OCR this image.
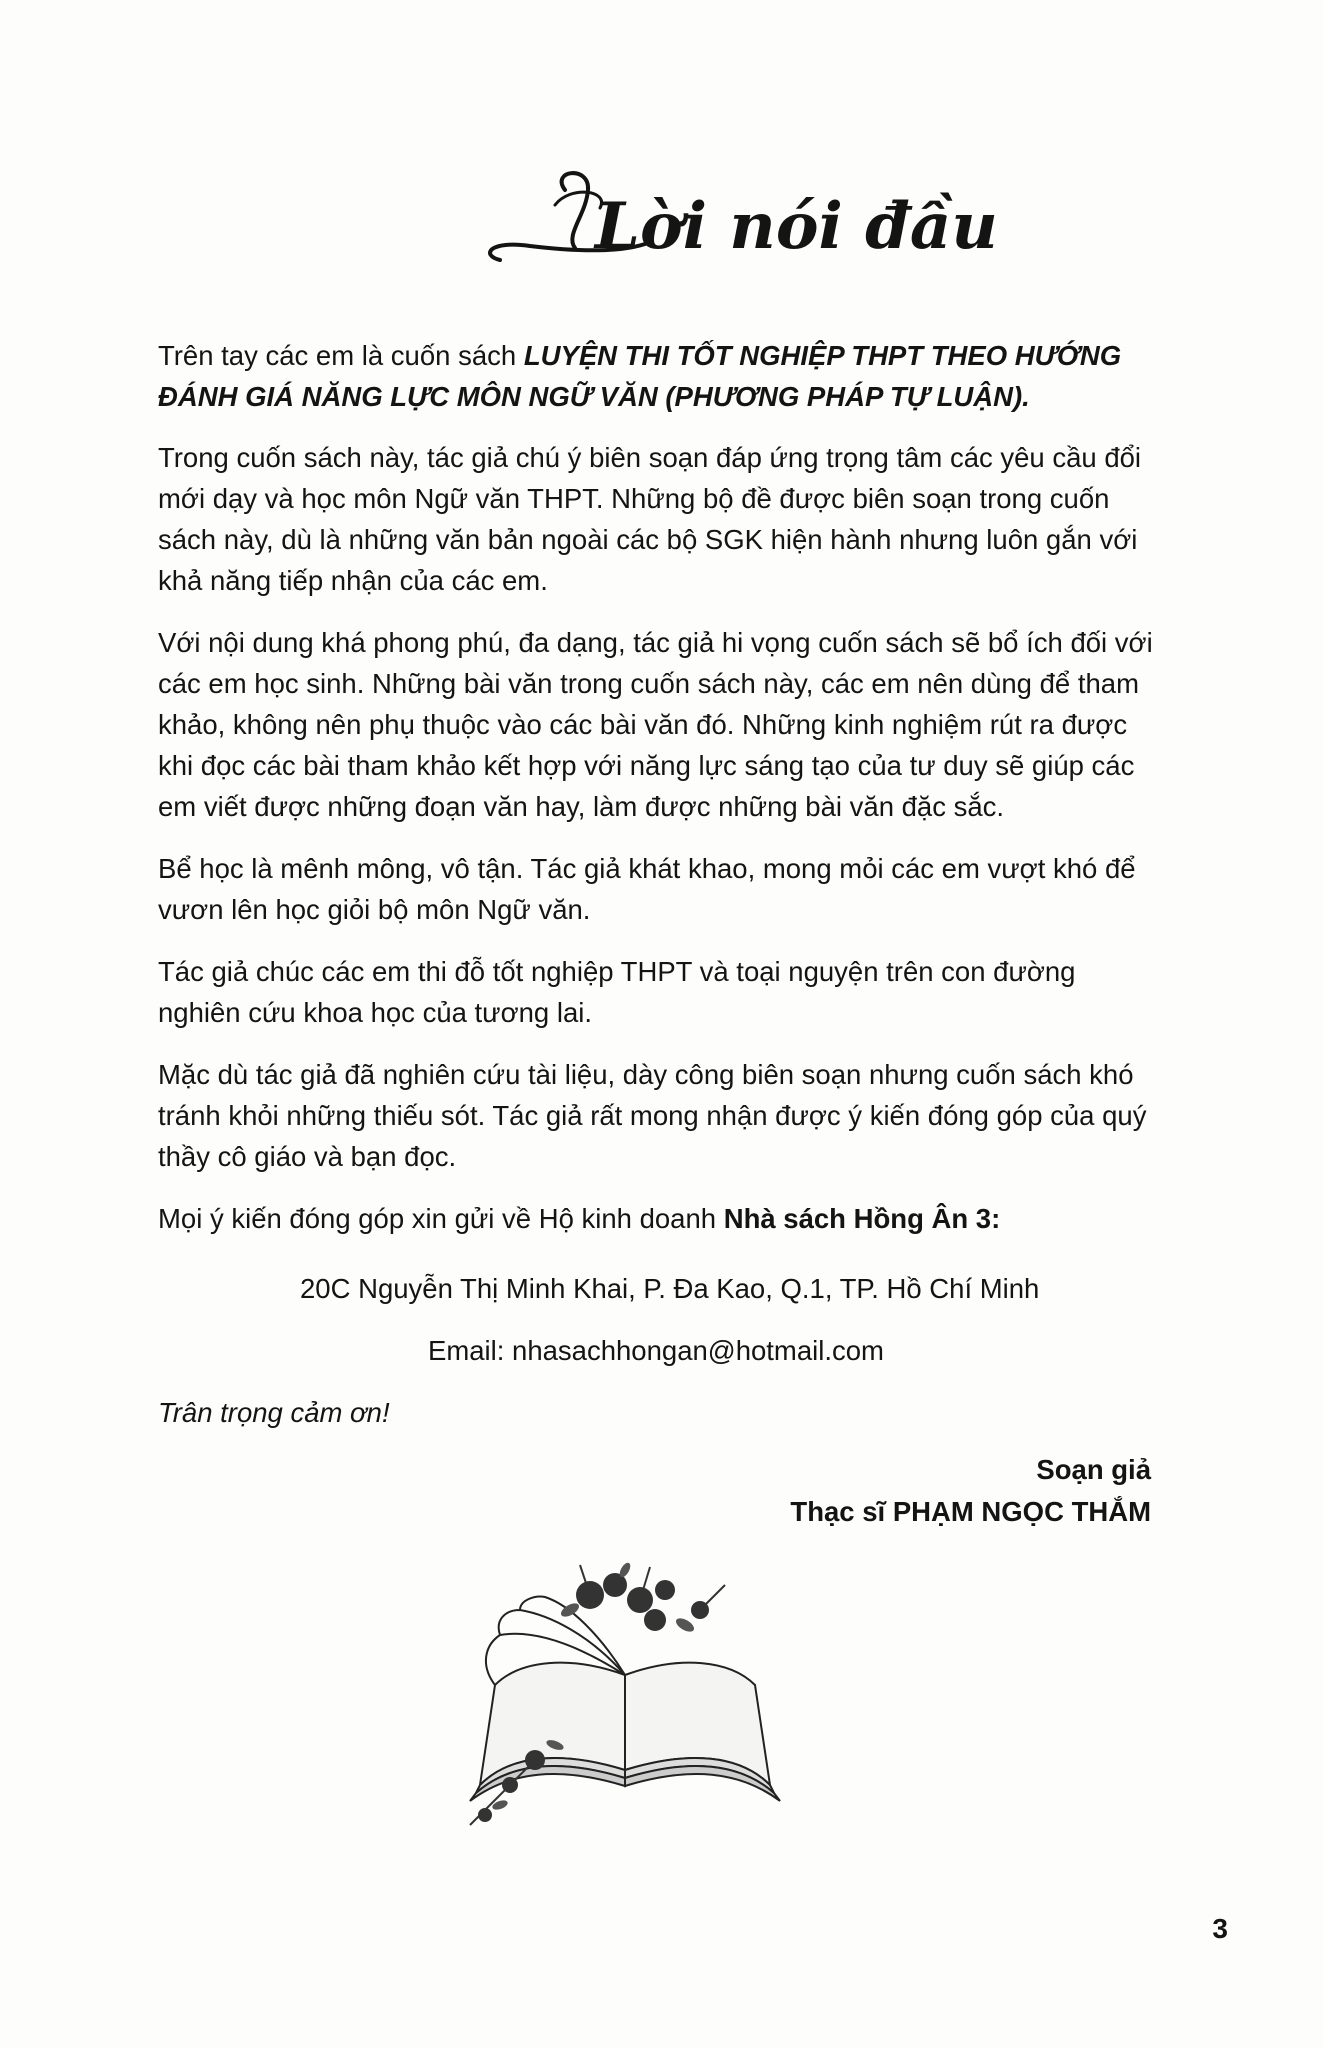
Lời nói đầu

Trên tay các em là cuốn sách LUYỆN THI TỐT NGHIỆP THPT THEO HƯỚNG ĐÁNH GIÁ NĂNG LỰC MÔN NGỮ VĂN (PHƯƠNG PHÁP TỰ LUẬN).

Trong cuốn sách này, tác giả chú ý biên soạn đáp ứng trọng tâm các yêu cầu đổi mới dạy và học môn Ngữ văn THPT. Những bộ đề được biên soạn trong cuốn sách này, dù là những văn bản ngoài các bộ SGK hiện hành nhưng luôn gắn với khả năng tiếp nhận của các em.

Với nội dung khá phong phú, đa dạng, tác giả hi vọng cuốn sách sẽ bổ ích đối với các em học sinh. Những bài văn trong cuốn sách này, các em nên dùng để tham khảo, không nên phụ thuộc vào các bài văn đó. Những kinh nghiệm rút ra được khi đọc các bài tham khảo kết hợp với năng lực sáng tạo của tư duy sẽ giúp các em viết được những đoạn văn hay, làm được những bài văn đặc sắc.

Bể học là mênh mông, vô tận. Tác giả khát khao, mong mỏi các em vượt khó để vươn lên học giỏi bộ môn Ngữ văn.

Tác giả chúc các em thi đỗ tốt nghiệp THPT và toại nguyện trên con đường nghiên cứu khoa học của tương lai.

Mặc dù tác giả đã nghiên cứu tài liệu, dày công biên soạn nhưng cuốn sách khó tránh khỏi những thiếu sót. Tác giả rất mong nhận được ý kiến đóng góp của quý thầy cô giáo và bạn đọc.

Mọi ý kiến đóng góp xin gửi về Hộ kinh doanh Nhà sách Hồng Ân 3:

20C Nguyễn Thị Minh Khai, P. Đa Kao, Q.1, TP. Hồ Chí Minh
Email: nhasachhongan@hotmail.com
Trân trọng cảm ơn!
Soạn giả
Thạc sĩ PHẠM NGỌC THẮM
3
